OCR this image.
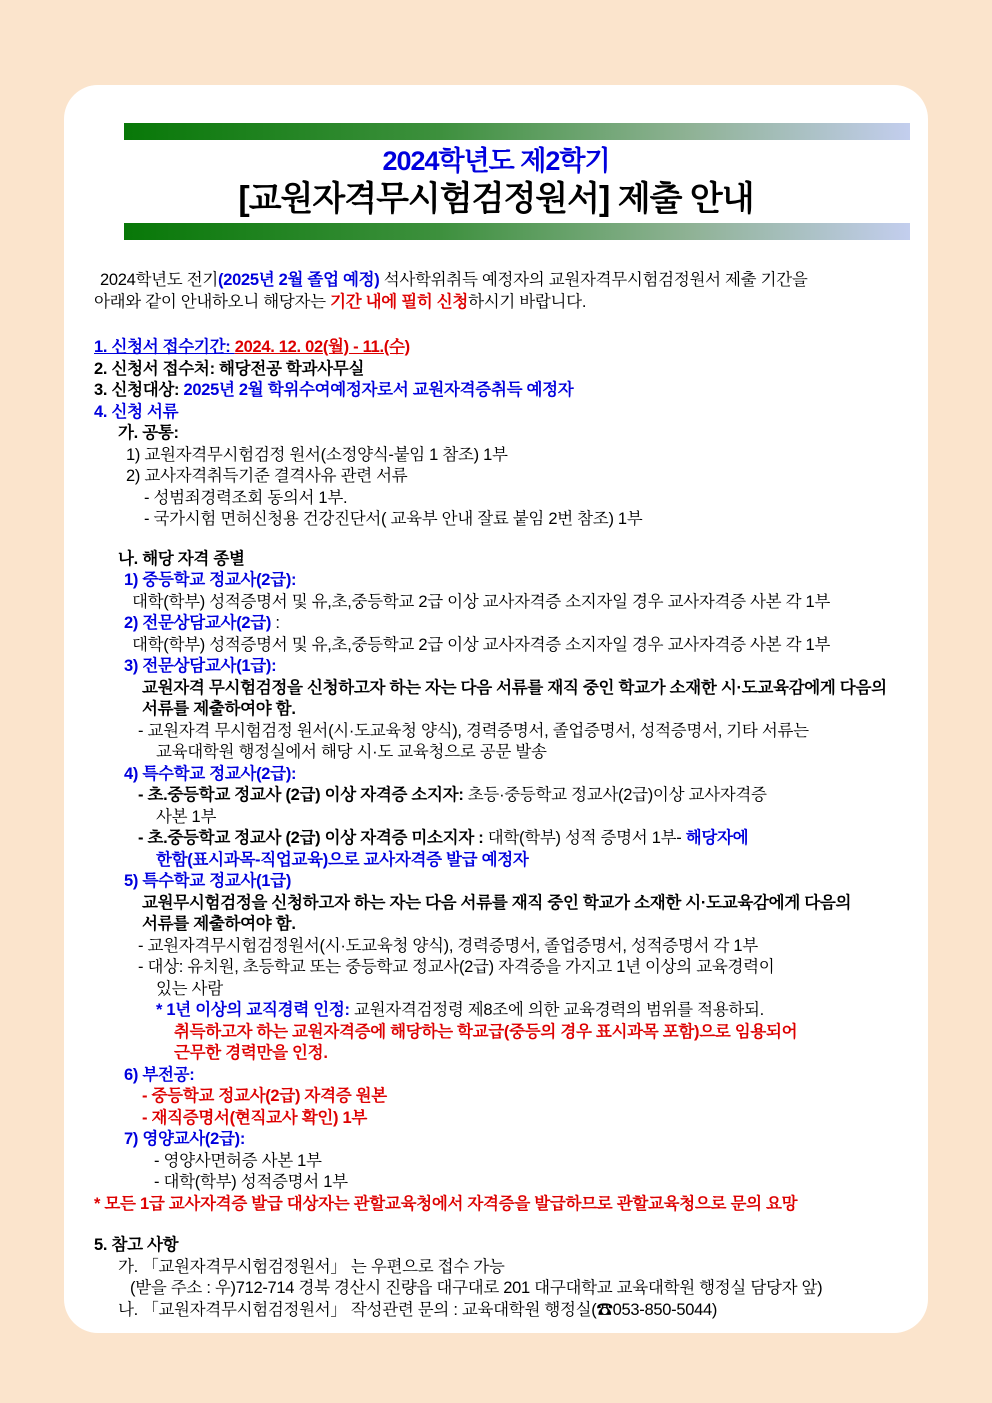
2024학년도 제2학기
[교원자격무시험검정원서] 제출 안내
2024학년도 전기(2025년 2월 졸업 예정) 석사학위취득 예정자의 교원자격무시험검정원서 제출 기간을
아래와 같이 안내하오니 해당자는 기간 내에 필히 신청하시기 바랍니다.
1. 신청서 접수기간: 2024. 12. 02(월) - 11.(수)
2. 신청서 접수처: 해당전공 학과사무실
3. 신청대상: 2025년 2월 학위수여예정자로서 교원자격증취득 예정자
4. 신청 서류
가. 공통:
1) 교원자격무시험검정 원서(소정양식-붙임 1 참조) 1부
2) 교사자격취득기준 결격사유 관련 서류
- 성범죄경력조회 동의서 1부.
- 국가시험 면허신청용 건강진단서( 교육부 안내 잘료 붙임 2번 참조) 1부
나. 해당 자격 종별
1) 중등학교 정교사(2급):
대학(학부) 성적증명서 및 유,초,중등학교 2급 이상 교사자격증 소지자일 경우 교사자격증 사본 각 1부
2) 전문상담교사(2급) :
대학(학부) 성적증명서 및 유,초,중등학교 2급 이상 교사자격증 소지자일 경우 교사자격증 사본 각 1부
3) 전문상담교사(1급):
교원자격 무시험검정을 신청하고자 하는 자는 다음 서류를 재직 중인 학교가 소재한 시·도교육감에게 다음의
서류를 제출하여야 함.
- 교원자격 무시험검정 원서(시·도교육청 양식), 경력증명서, 졸업증명서, 성적증명서, 기타 서류는
교육대학원 행정실에서 해당 시·도 교육청으로 공문 발송
4) 특수학교 정교사(2급):
- 초.중등학교 정교사 (2급) 이상 자격증 소지자: 초등·중등학교 정교사(2급)이상 교사자격증
사본 1부
- 초.중등학교 정교사 (2급) 이상 자격증 미소지자 : 대학(학부) 성적 증명서 1부- 해당자에
한함(표시과목-직업교육)으로 교사자격증 발급 예정자
5) 특수학교 정교사(1급)
교원무시험검정을 신청하고자 하는 자는 다음 서류를 재직 중인 학교가 소재한 시·도교육감에게 다음의
서류를 제출하여야 함.
- 교원자격무시험검정원서(시·도교육청 양식), 경력증명서, 졸업증명서, 성적증명서 각 1부
- 대상: 유치원, 초등학교 또는 중등학교 정교사(2급) 자격증을 가지고 1년 이상의 교육경력이
있는 사람
* 1년 이상의 교직경력 인정: 교원자격검정령 제8조에 의한 교육경력의 범위를 적용하되.
취득하고자 하는 교원자격증에 해당하는 학교급(중등의 경우 표시과목 포함)으로 임용되어
근무한 경력만을 인정.
6) 부전공:
- 중등학교 정교사(2급) 자격증 원본
- 재직증명서(현직교사 확인) 1부
7) 영양교사(2급):
- 영양사면허증 사본 1부
- 대학(학부) 성적증명서 1부
* 모든 1급 교사자격증 발급 대상자는 관할교육청에서 자격증을 발급하므로 관할교육청으로 문의 요망
5. 참고 사항
가. 「교원자격무시험검정원서」 는 우편으로 접수 가능
(받을 주소 : 우)712-714 경북 경산시 진량읍 대구대로 201 대구대학교 교육대학원 행정실 담당자 앞)
나. 「교원자격무시험검정원서」 작성관련 문의 : 교육대학원 행정실(☎053-850-5044)
